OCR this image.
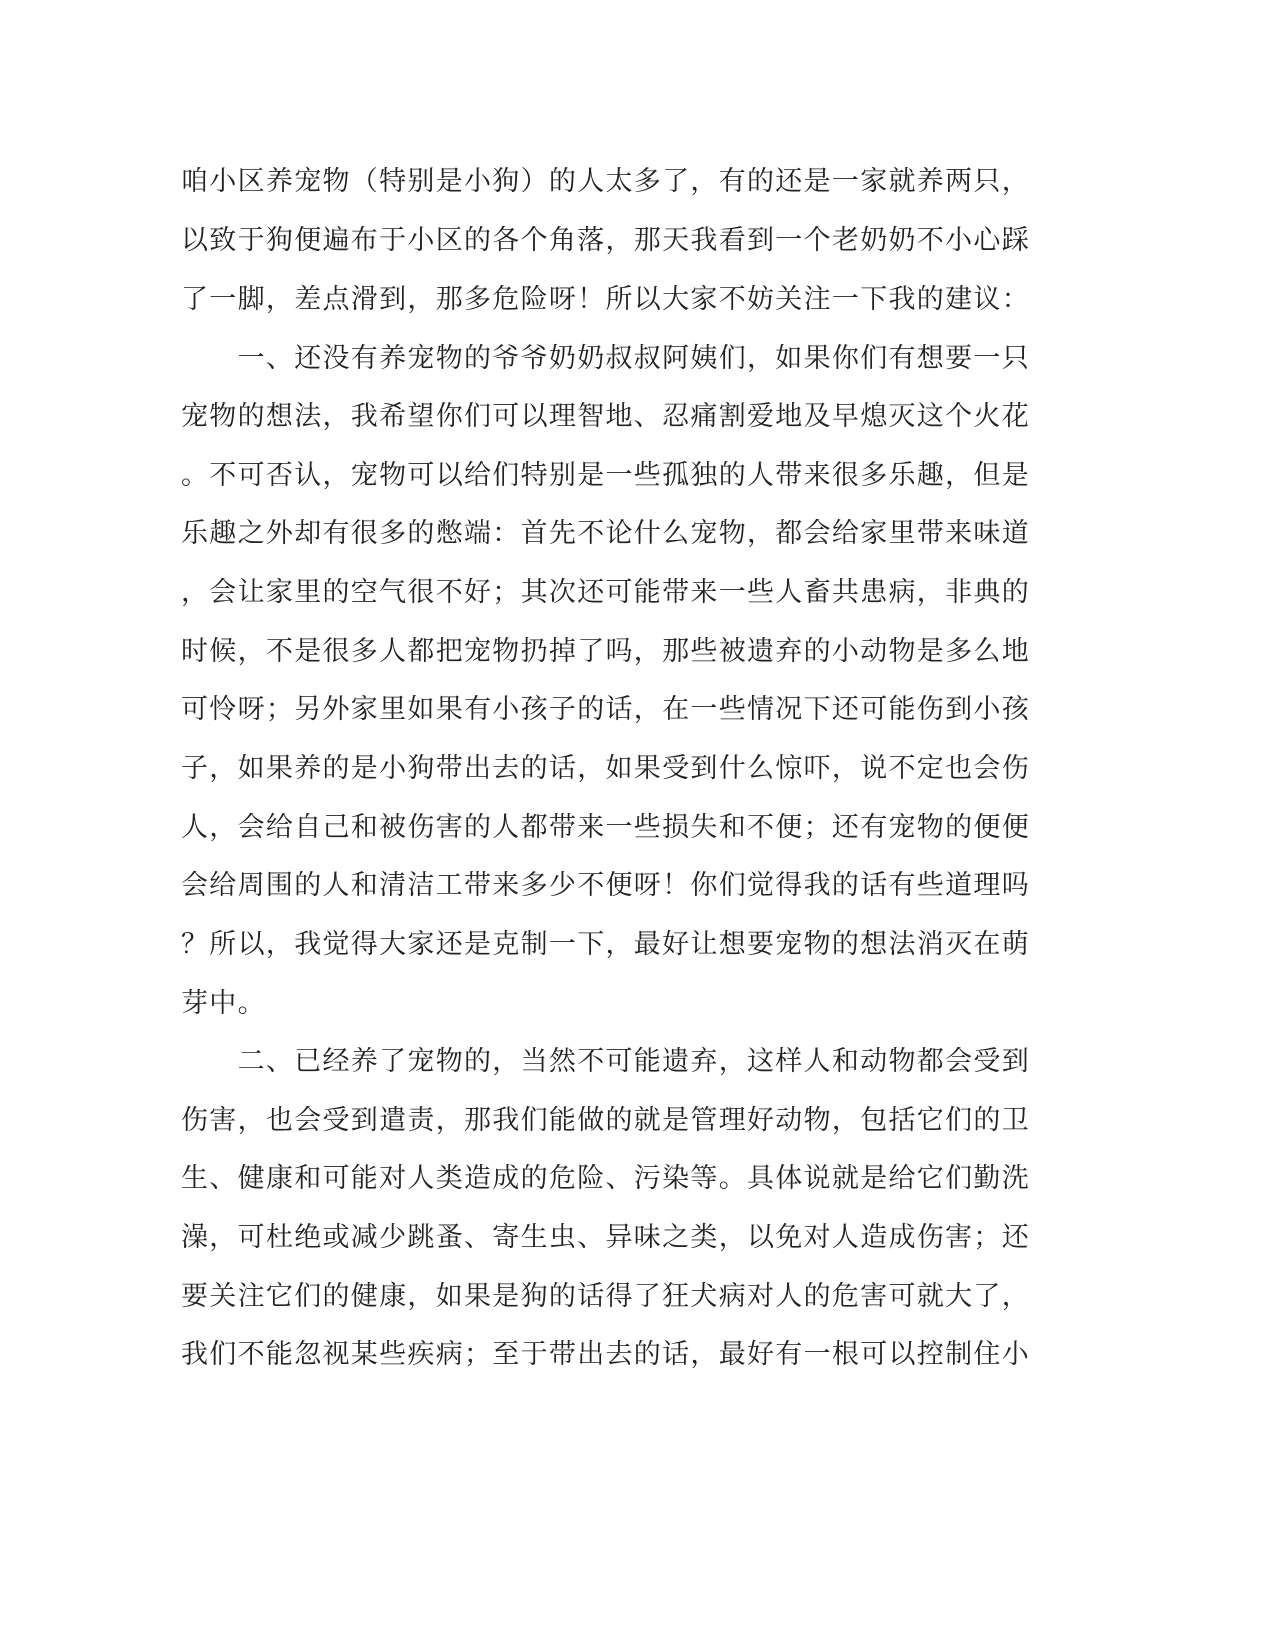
咱小区养宠物（特别是小狗）的人太多了，有的还是一家就养两只，
以致于狗便遍布于小区的各个角落，那天我看到一个老奶奶不小心踩
了一脚，差点滑到，那多危险呀！所以大家不妨关注一下我的建议：
　　一、还没有养宠物的爷爷奶奶叔叔阿姨们，如果你们有想要一只
宠物的想法，我希望你们可以理智地、忍痛割爱地及早熄灭这个火花
。不可否认，宠物可以给们特别是一些孤独的人带来很多乐趣，但是
乐趣之外却有很多的憋端：首先不论什么宠物，都会给家里带来味道
，会让家里的空气很不好；其次还可能带来一些人畜共患病，非典的
时候，不是很多人都把宠物扔掉了吗，那些被遗弃的小动物是多么地
可怜呀；另外家里如果有小孩子的话，在一些情况下还可能伤到小孩
子，如果养的是小狗带出去的话，如果受到什么惊吓，说不定也会伤
人，会给自己和被伤害的人都带来一些损失和不便；还有宠物的便便
会给周围的人和清洁工带来多少不便呀！你们觉得我的话有些道理吗
？所以，我觉得大家还是克制一下，最好让想要宠物的想法消灭在萌
芽中。
　　二、已经养了宠物的，当然不可能遗弃，这样人和动物都会受到
伤害，也会受到遣责，那我们能做的就是管理好动物，包括它们的卫
生、健康和可能对人类造成的危险、污染等。具体说就是给它们勤洗
澡，可杜绝或减少跳蚤、寄生虫、异味之类，以免对人造成伤害；还
要关注它们的健康，如果是狗的话得了狂犬病对人的危害可就大了，
我们不能忽视某些疾病；至于带出去的话，最好有一根可以控制住小
